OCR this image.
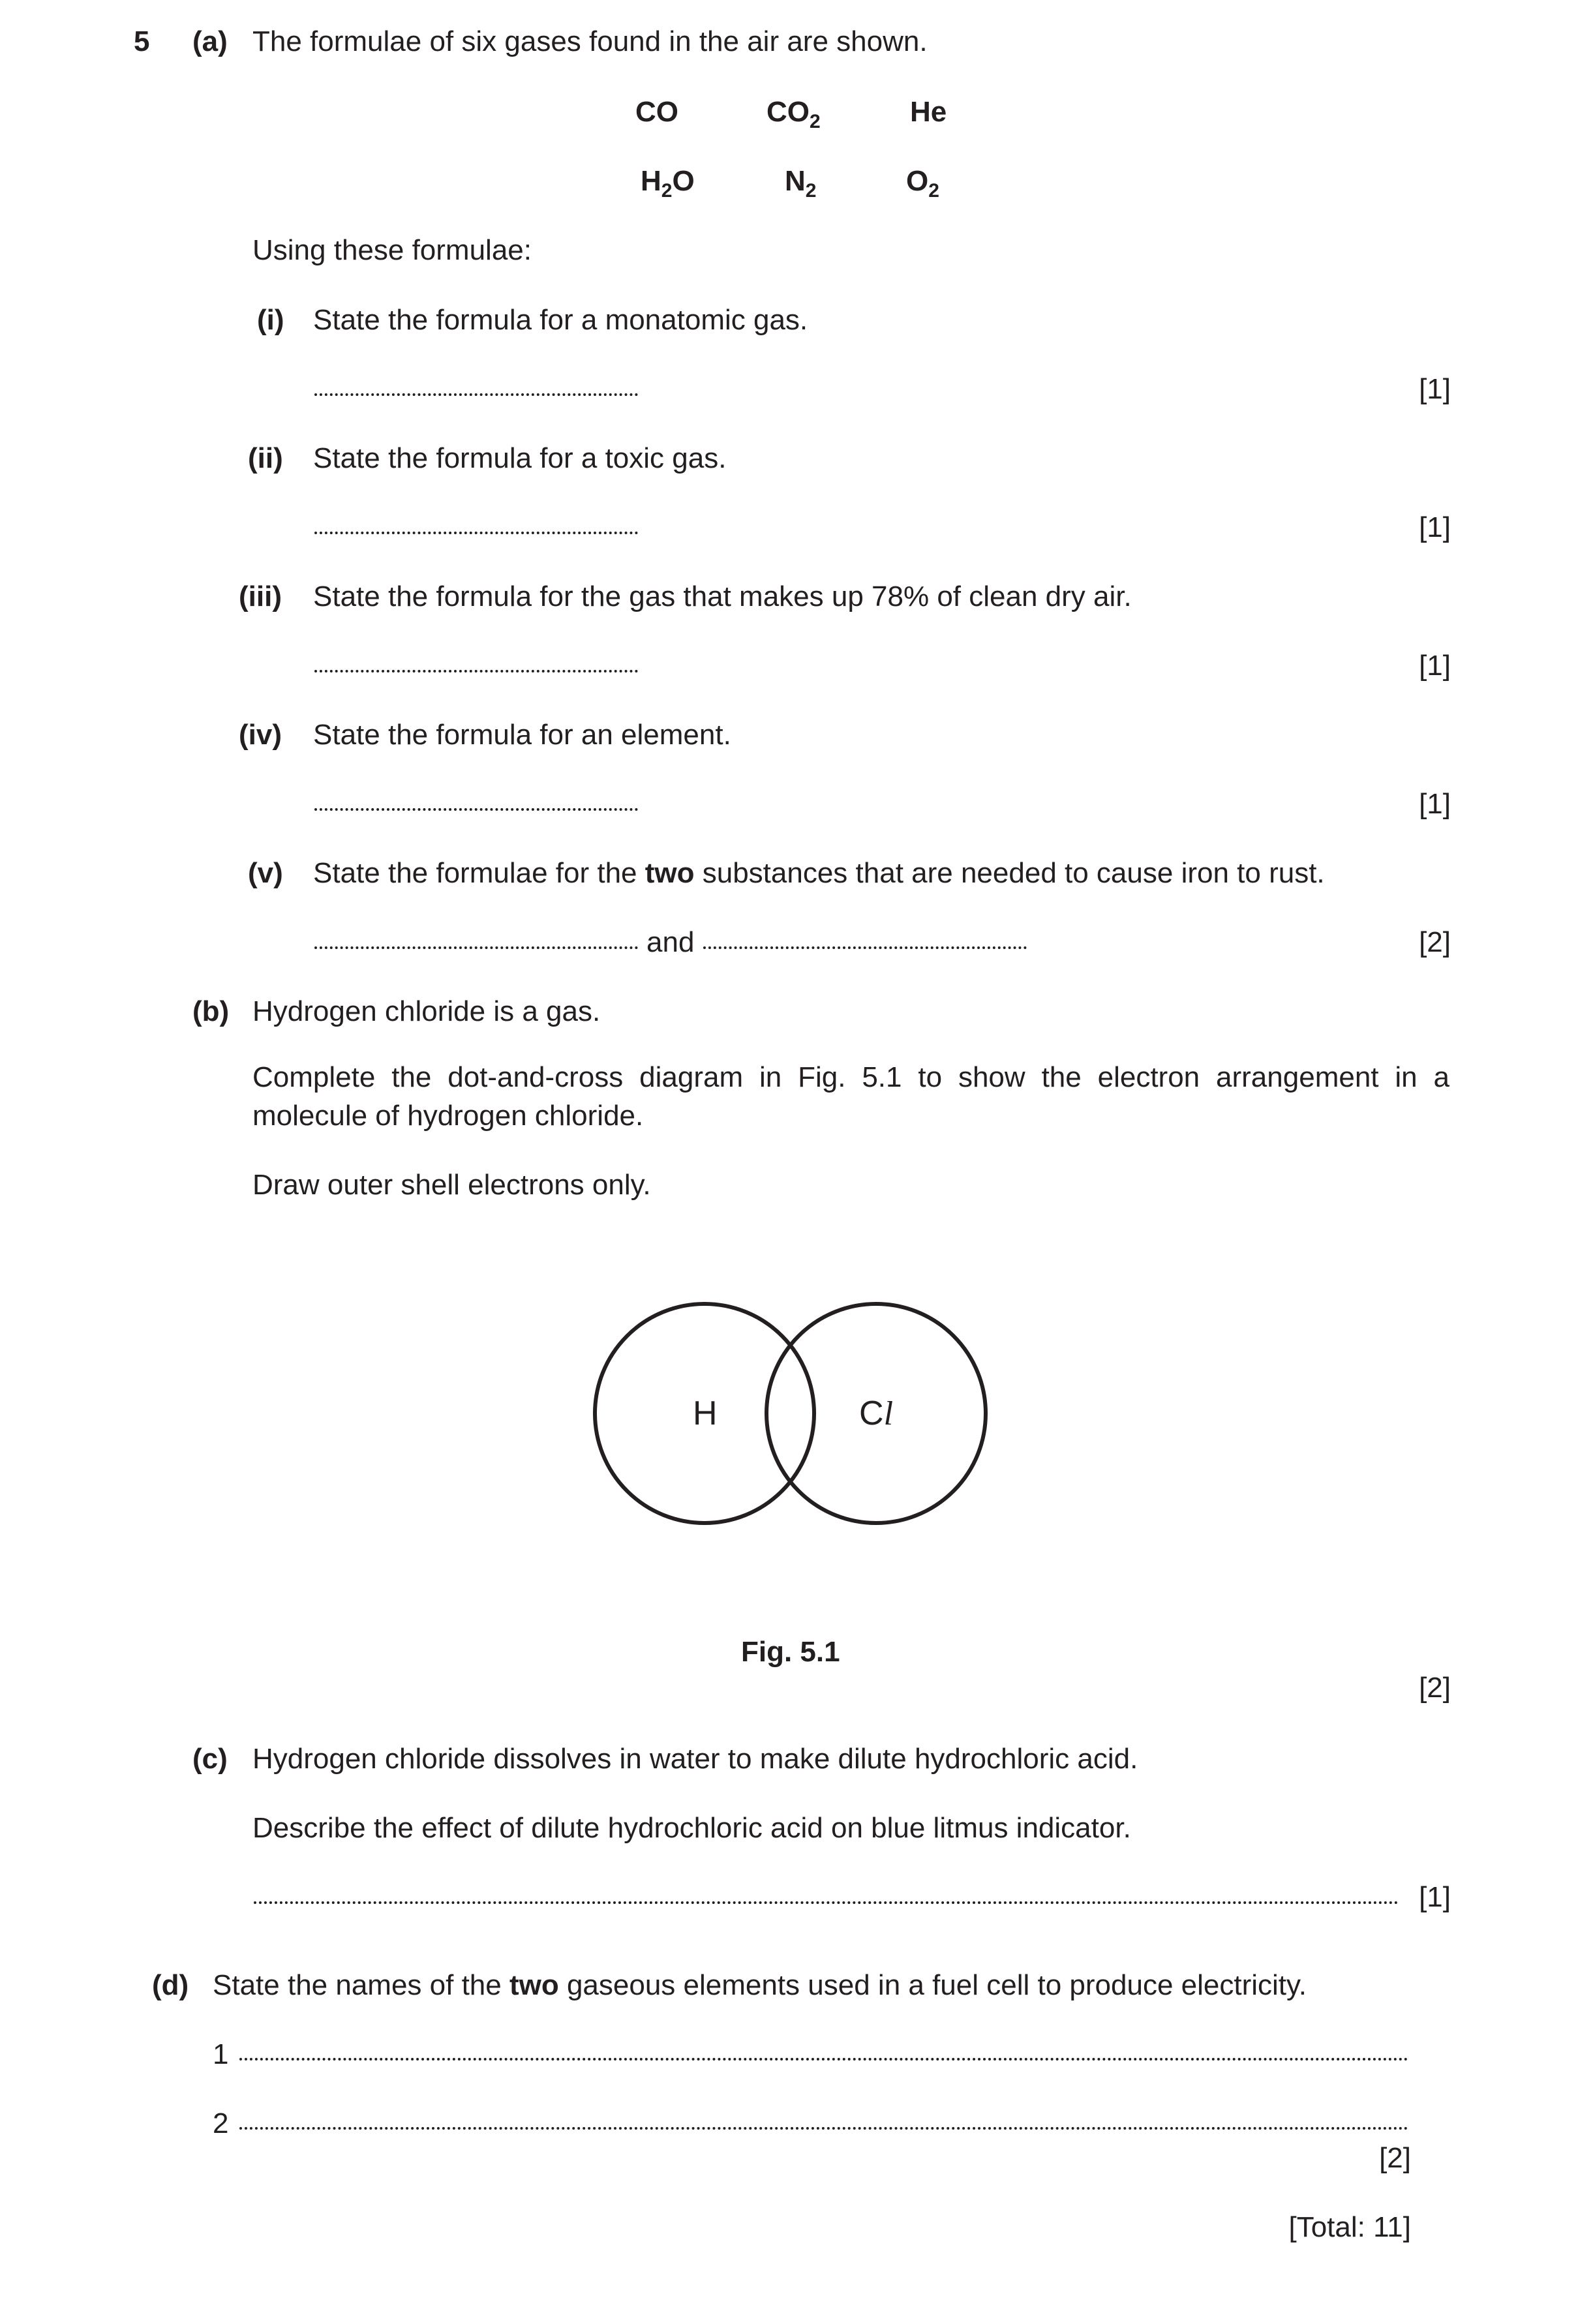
5 (a) The formulae of six gases found in the air are shown.
CO	$CO_2$	He
$H_2O$	$N_2$	$O_2$
Using these formulae:
(i) State the formula for a monatomic gas.
[1]
(ii) State the formula for a toxic gas.
[1]
(iii) State the formula for the gas that makes up 78% of clean dry air.
[1]
(iv) State the formula for an element.
[1]
(v) State the formulae for the two substances that are needed to cause iron to rust.
and	[2]
(b) Hydrogen chloride is a gas.
Complete the dot-and-cross diagram in Fig. 5.1 to show the electron arrangement in a
molecule of hydrogen chloride.
Draw outer shell electrons only.
H	Cl
Fig. 5.1
[2]
(c) Hydrogen chloride dissolves in water to make dilute hydrochloric acid.
Describe the effect of dilute hydrochloric acid on blue litmus indicator.
[1]
(d) State the names of the two gaseous elements used in a fuel cell to produce electricity.
1
2
[2]
[Total: 11]
